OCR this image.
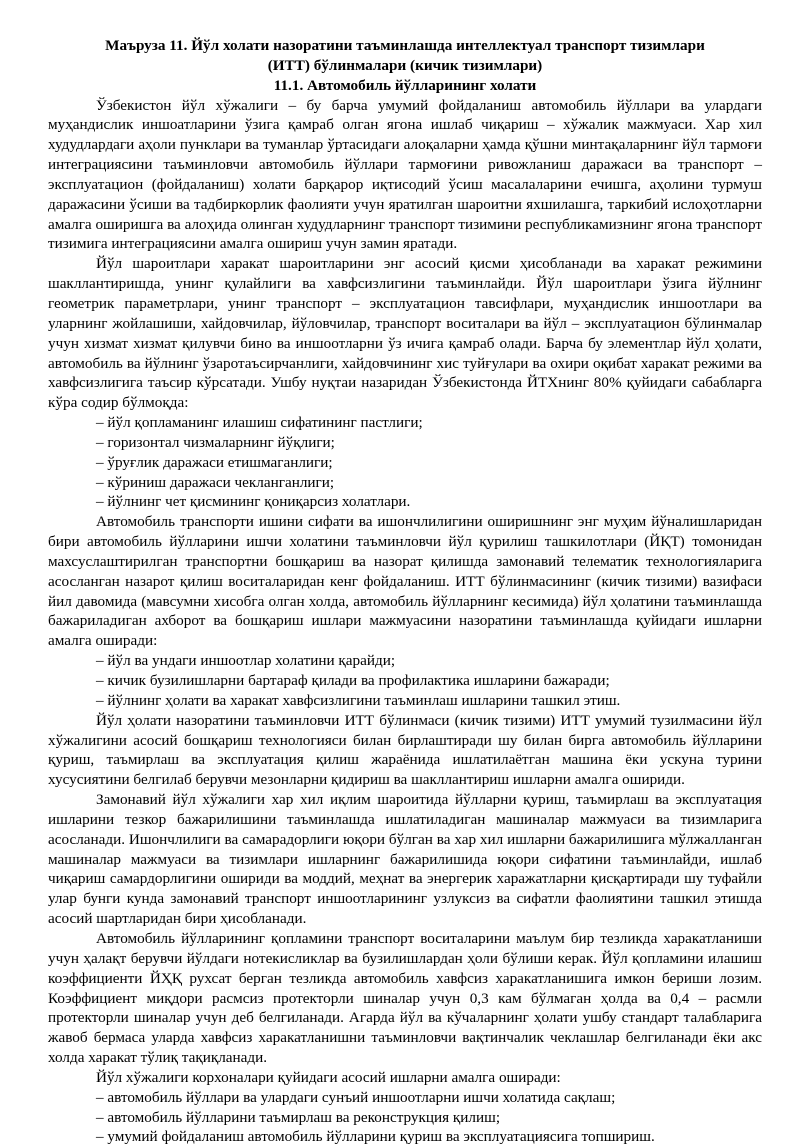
Маъруза 11. Йўл холати назоратини таъминлашда интеллектуал транспорт тизимлари

(ИТТ) бўлинмалари (кичик тизимлари)

11.1. Автомобиль йўлларининг холати

Ўзбекистон йўл хўжалиги – бу барча умумий фойдаланиш автомобиль йўллари ва улардаги муҳандислик иншоатларини ўзига қамраб олган ягона ишлаб чиқариш – хўжалик мажмуаси. Хар хил худудлардаги аҳоли пунклари ва туманлар ўртасидаги алоқаларни ҳамда қўшни минтақаларнинг йўл тармоғи интеграциясини таъминловчи автомобиль йўллари тармоғини ривожланиш даражаси ва транспорт – эксплуатацион (фойдаланиш) холати барқарор иқтисодий ўсиш масалаларини ечишга, аҳолини турмуш даражасини ўсиши ва тадбиркорлик фаолияти учун яратилган шароитни яхшилашга, таркибий ислоҳотларни амалга оширишга ва алоҳида олинган худудларнинг транспорт тизимини республикамизнинг ягона транспорт тизимига интеграциясини амалга ошириш учун замин яратади.

Йўл шароитлари харакат шароитларини энг асосий қисми ҳисобланади ва харакат режимини шакллантиришда, унинг қулайлиги ва хавфсизлигини таъминлайди. Йўл шароитлари ўзига йўлнинг геометрик параметрлари, унинг транспорт – эксплуатацион тавсифлари, муҳандислик иншоотлари ва уларнинг жойлашиши, хайдовчилар, йўловчилар, транспорт воситалари ва йўл – эксплуатацион бўлинмалар учун хизмат хизмат қилувчи бино ва иншоотларни ўз ичига қамраб олади. Барча бу элементлар йўл ҳолати, автомобиль ва йўлнинг ўзаротаъсирчанлиги, хайдовчининг хис туйғулари ва охири оқибат харакат режими ва хавфсизлигига таъсир кўрсатади. Ушбу нуқтаи назаридан Ўзбекистонда ЙТХнинг 80% қуйидаги сабабларга кўра содир бўлмоқда:

– йўл қопламанинг илашиш сифатининг пастлиги;

– горизонтал чизмаларнинг йўқлиги;

– ўруғлик даражаси етишмаганлиги;

– кўриниш даражаси чекланганлиги;

– йўлнинг чет қисмининг қониқарсиз холатлари.

Автомобиль транспорти ишини сифати ва ишончлилигини оширишнинг энг муҳим йўналишларидан бири автомобиль йўлларини ишчи холатини таъминловчи йўл қурилиш ташкилотлари (ЙҚТ) томонидан махсуслаштирилган транспортни бошқариш ва назорат қилишда замонавий телематик технологияларига асосланган назарот қилиш воситаларидан кенг фойдаланиш. ИТТ бўлинмасининг (кичик тизими) вазифаси йил давомида (мавсумни хисобга олган холда, автомобиль йўлларнинг кесимида) йўл ҳолатини таъминлашда бажариладиган ахборот ва бошқариш ишлари мажмуасини назоратини таъминлашда қуйидаги ишларни амалга оширади:

– йўл ва ундаги иншоотлар холатини қарайди;

– кичик бузилишларни бартараф қилади ва профилактика ишларини бажаради;

– йўлнинг ҳолати ва харакат хавфсизлигини таъминлаш ишларини ташкил этиш.

Йўл ҳолати назоратини таъминловчи ИТТ бўлинмаси (кичик тизими) ИТТ умумий тузилмасини йўл хўжалигини асосий бошқариш технологияси билан бирлаштиради шу билан бирга автомобиль йўлларини қуриш, таъмирлаш ва эксплуатация қилиш жараёнида ишлатилаётган машина ёки ускуна турини хусусиятини белгилаб берувчи мезонларни қидириш ва шакллантириш ишларни амалга ошириди.

Замонавий йўл хўжалиги хар хил иқлим шароитида йўлларни қуриш, таъмирлаш ва эксплуатация ишларини тезкор бажарилишини таъминлашда ишлатиладиган машиналар мажмуаси ва тизимларига асосланади. Ишончлилиги ва самарадорлиги юқори бўлган ва хар хил ишларни бажарилишига мўлжалланган машиналар мажмуаси ва тизимлари ишларнинг бажарилишида юқори сифатини таъминлайди, ишлаб чиқариш самардорлигини ошириди ва моддий, меҳнат ва энергерик харажатларни қисқартиради шу туфайли улар бунги кунда замонавий транспорт иншоотларининг узлуксиз ва сифатли фаолиятини ташкил этишда асосий шартларидан бири ҳисобланади.

Автомобиль йўлларининг қопламини транспорт воситаларини маълум бир тезликда харакатланиши учун ҳалақт берувчи йўлдаги нотекисликлар ва бузилишлардан ҳоли бўлиши керак. Йўл қопламини илашиш коэффициенти ЙҲҚ рухсат берган тезликда автомобиль хавфсиз харакатланишига имкон бериши лозим. Коэффициент миқдори расмсиз протекторли шиналар учун 0,3 кам бўлмаган ҳолда ва 0,4 – расмли протекторли шиналар учун деб белгиланади. Агарда йўл ва кўчаларнинг ҳолати ушбу стандарт талабларига жавоб бермаса уларда хавфсиз харакатланишни таъминловчи вақтинчалик чеклашлар белгиланади ёки акс холда харакат тўлиқ тақиқланади.

Йўл хўжалиги корхоналари қуйидаги асосий ишларни амалга оширади:

– автомобиль йўллари ва улардаги сунъий иншоотларни ишчи холатида сақлаш;

– автомобиль йўлларини таъмирлаш ва реконструкция қилиш;

– умумий фойдаланиш автомобиль йўлларини қуриш ва эксплуатациясига топшириш.
